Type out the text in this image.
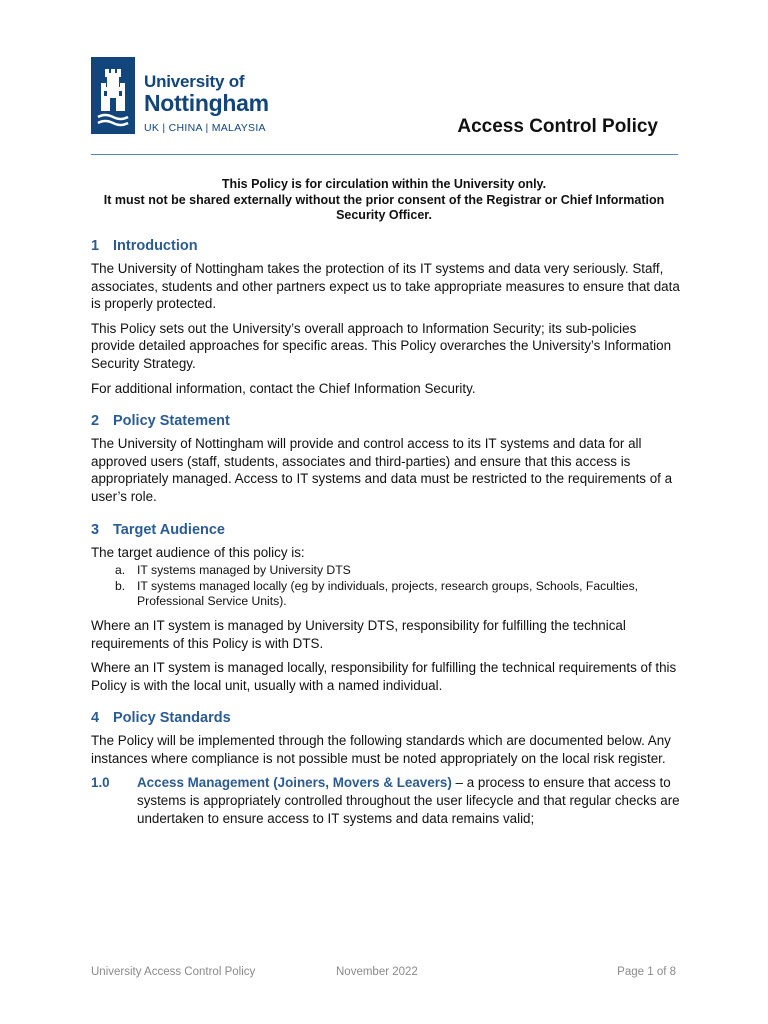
University of
Nottingham
UK | CHINA | MALAYSIA	Access Control Policy
This Policy is for circulation within the University only.
It must not be shared externally without the prior consent of the Registrar or Chief Information Security Officer.
1 Introduction

The University of Nottingham takes the protection of its IT systems and data very seriously. Staff, associates, students and other partners expect us to take appropriate measures to ensure that data is properly protected.

This Policy sets out the University’s overall approach to Information Security; its sub-policies provide detailed approaches for specific areas. This Policy overarches the University’s Information Security Strategy.

For additional information, contact the Chief Information Security.

2 Policy Statement

The University of Nottingham will provide and control access to its IT systems and data for all approved users (staff, students, associates and third-parties) and ensure that this access is appropriately managed. Access to IT systems and data must be restricted to the requirements of a user’s role.

3 Target Audience

The target audience of this policy is:

a. IT systems managed by University DTS
b. IT systems managed locally (eg by individuals, projects, research groups, Schools, Faculties, Professional Service Units).

Where an IT system is managed by University DTS, responsibility for fulfilling the technical requirements of this Policy is with DTS.

Where an IT system is managed locally, responsibility for fulfilling the technical requirements of this Policy is with the local unit, usually with a named individual.

4 Policy Standards

The Policy will be implemented through the following standards which are documented below. Any instances where compliance is not possible must be noted appropriately on the local risk register.

1.0 Access Management (Joiners, Movers & Leavers) – a process to ensure that access to systems is appropriately controlled throughout the user lifecycle and that regular checks are undertaken to ensure access to IT systems and data remains valid;
University Access Control Policy	November 2022	Page 1 of 8
